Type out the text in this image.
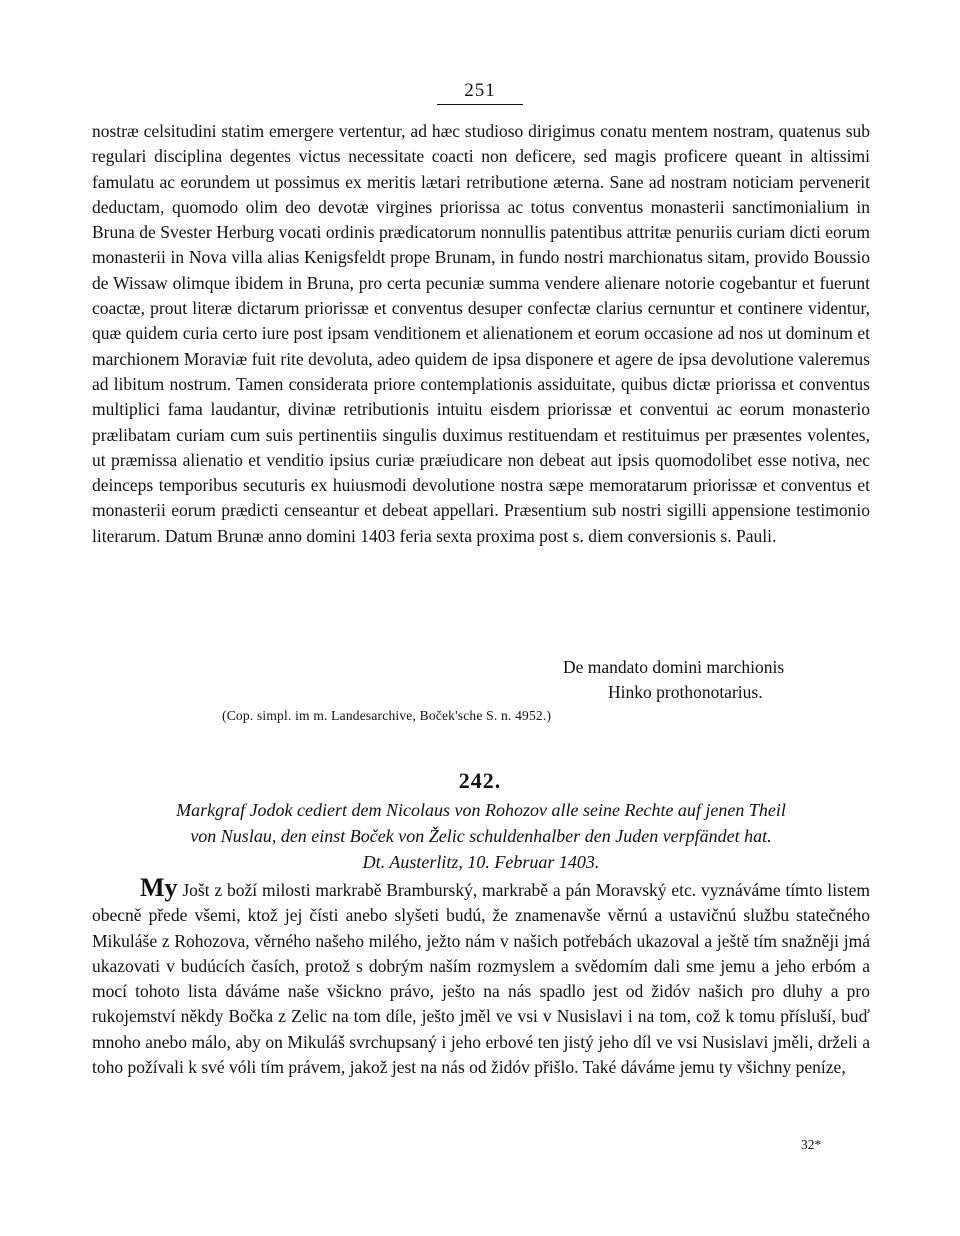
251
nostræ celsitudini statim emergere vertentur, ad hæc studioso dirigimus conatu mentem nostram, quatenus sub regulari disciplina degentes victus necessitate coacti non deficere, sed magis proficere queant in altissimi famulatu ac eorundem ut possimus ex meritis lætari retributione æterna. Sane ad nostram noticiam pervenerit deductam, quomodo olim deo devotæ virgines priorissa ac totus conventus monasterii sanctimonialium in Bruna de Svester Herburg vocati ordinis prædicatorum nonnullis patentibus attritæ penuriis curiam dicti eorum monasterii in Nova villa alias Kenigsfeldt prope Brunam, in fundo nostri marchionatus sitam, provido Boussio de Wissaw olimque ibidem in Bruna, pro certa pecuniæ summa vendere alienare notorie cogebantur et fuerunt coactæ, prout literæ dictarum priorissæ et conventus desuper confectæ clarius cernuntur et continere videntur, quæ quidem curia certo iure post ipsam venditionem et alienationem et eorum occasione ad nos ut dominum et marchionem Moraviæ fuit rite devoluta, adeo quidem de ipsa disponere et agere de ipsa devolutione valeremus ad libitum nostrum. Tamen considerata priore contemplationis assiduitate, quibus dictæ priorissa et conventus multiplici fama laudantur, divinæ retributionis intuitu eisdem priorissæ et conventui ac eorum monasterio prælibatam curiam cum suis pertinentiis singulis duximus restituendam et restituimus per præsentes volentes, ut præmissa alienatio et venditio ipsius curiæ præiudicare non debeat aut ipsis quomodolibet esse notiva, nec deinceps temporibus secuturis ex huiusmodi devolutione nostra sæpe memoratarum priorissæ et conventus et monasterii eorum prædicti censeantur et debeat appellari. Præsentium sub nostri sigilli appensione testimonio literarum. Datum Brunæ anno domini 1403 feria sexta proxima post s. diem conversionis s. Pauli.
De mandato domini marchionis
Hinko prothonotarius.
(Cop. simpl. im m. Landesarchive, Boček'sche S. n. 4952.)
242.
Markgraf Jodok cediert dem Nicolaus von Rohozov alle seine Rechte auf jenen Theil
von Nuslau, den einst Boček von Želic schuldenhalber den Juden verpfändet hat.
Dt. Austerlitz, 10. Februar 1403.
My Jošt z boží milosti markrabě Bramburský, markrabě a pán Moravský etc. vyznáváme tímto listem obecně přede všemi, ktož jej čísti anebo slyšeti budú, že znamenavše věrnú a ustavičnú službu statečného Mikuláše z Rohozova, věrného našeho milého, ježto nám v našich potřebách ukazoval a ještě tím snažněji jmá ukazovati v budúcích časích, protož s dobrým naším rozmyslem a svědomím dali sme jemu a jeho erbóm a mocí tohoto lista dáváme naše všickno právo, ješto na nás spadlo jest od židóv našich pro dluhy a pro rukojemství někdy Bočka z Zelic na tom díle, ješto jměl ve vsi v Nusislavi i na tom, což k tomu přísluší, buď mnoho anebo málo, aby on Mikuláš svrchupsaný i jeho erbové ten jistý jeho díl ve vsi Nusislavi jměli, drželi a toho požívali k své vóli tím právem, jakož jest na nás od židóv přišlo. Také dáváme jemu ty všichny peníze,
32*
